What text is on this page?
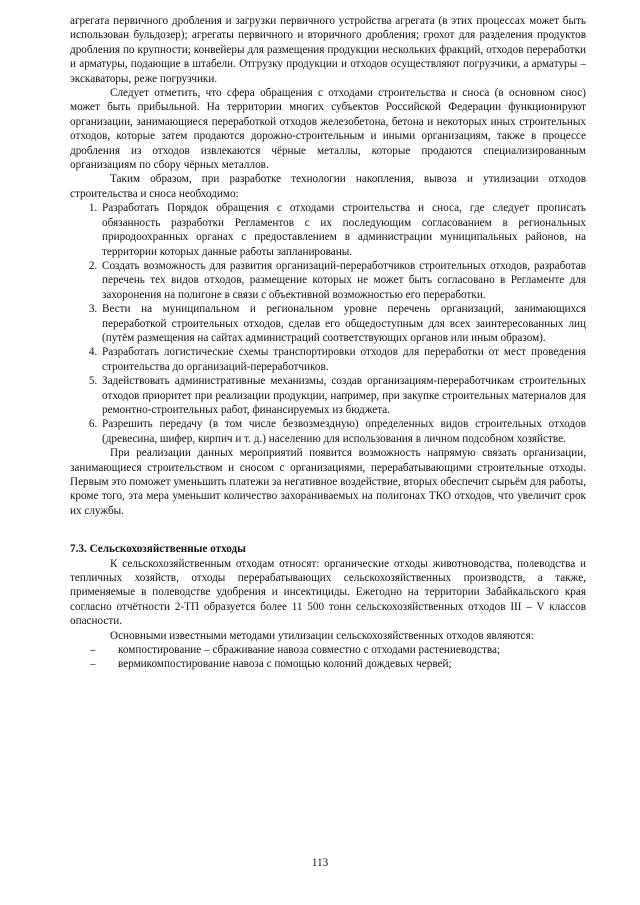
агрегата первичного дробления и загрузки первичного устройства агрегата (в этих процессах может быть использован бульдозер); агрегаты первичного и вторичного дробления; грохот для разделения продуктов дробления по крупности; конвейеры для размещения продукции нескольких фракций, отходов переработки и арматуры, подающие в штабели. Отгрузку продукции и отходов осуществляют погрузчики, а арматуры – экскаваторы, реже погрузчики.

Следует отметить, что сфера обращения с отходами строительства и сноса (в основном снос) может быть прибыльной. На территории многих субъектов Российской Федерации функционируют организации, занимающиеся переработкой отходов железобетона, бетона и некоторых иных строительных отходов, которые затем продаются дорожно-строительным и иными организациям, также в процессе дробления из отходов извлекаются чёрные металлы, которые продаются специализированным организациям по сбору чёрных металлов.

Таким образом, при разработке технологии накопления, вывоза и утилизации отходов строительства и сноса необходимо:

1. Разработать Порядок обращения с отходами строительства и сноса, где следует прописать обязанность разработки Регламентов с их последующим согласованием в региональных природоохранных органах с предоставлением в администрации муниципальных районов, на территории которых данные работы запланированы.
2. Создать возможность для развития организаций-переработчиков строительных отходов, разработав перечень тех видов отходов, размещение которых не может быть согласовано в Регламенте для захоронения на полигоне в связи с объективной возможностью его переработки.
3. Вести на муниципальном и региональном уровне перечень организаций, занимающихся переработкой строительных отходов, сделав его общедоступным для всех заинтересованных лиц (путём размещения на сайтах администраций соответствующих органов или иным образом).
4. Разработать логистические схемы транспортировки отходов для переработки от мест проведения строительства до организаций-переработчиков.
5. Задействовать административные механизмы, создав организациям-переработчикам строительных отходов приоритет при реализации продукции, например, при закупке строительных материалов для ремонтно-строительных работ, финансируемых из бюджета.
6. Разрешить передачу (в том числе безвозмездную) определенных видов строительных отходов (древесина, шифер, кирпич и т. д.) населению для использования в личном подсобном хозяйстве.

При реализации данных мероприятий появится возможность напрямую связать организации, занимающиеся строительством и сносом с организациями, перерабатывающими строительные отходы. Первым это поможет уменьшить платежи за негативное воздействие, вторых обеспечит сырьём для работы, кроме того, эта мера уменьшит количество захораниваемых на полигонах ТКО отходов, что увеличит срок их службы.

7.3. Сельскохозяйственные отходы

К сельскохозяйственным отходам относят: органические отходы животноводства, полеводства и тепличных хозяйств, отходы перерабатывающих сельскохозяйственных производств, а также, применяемые в полеводстве удобрения и инсектициды. Ежегодно на территории Забайкальского края согласно отчётности 2-ТП образуется более 11 500 тонн сельскохозяйственных отходов III – V классов опасности.

Основными известными методами утилизации сельскохозяйственных отходов являются:

– компостирование – сбраживание навоза совместно с отходами растениеводства;
– вермикомпостирование навоза с помощью колоний дождевых червей;
113
